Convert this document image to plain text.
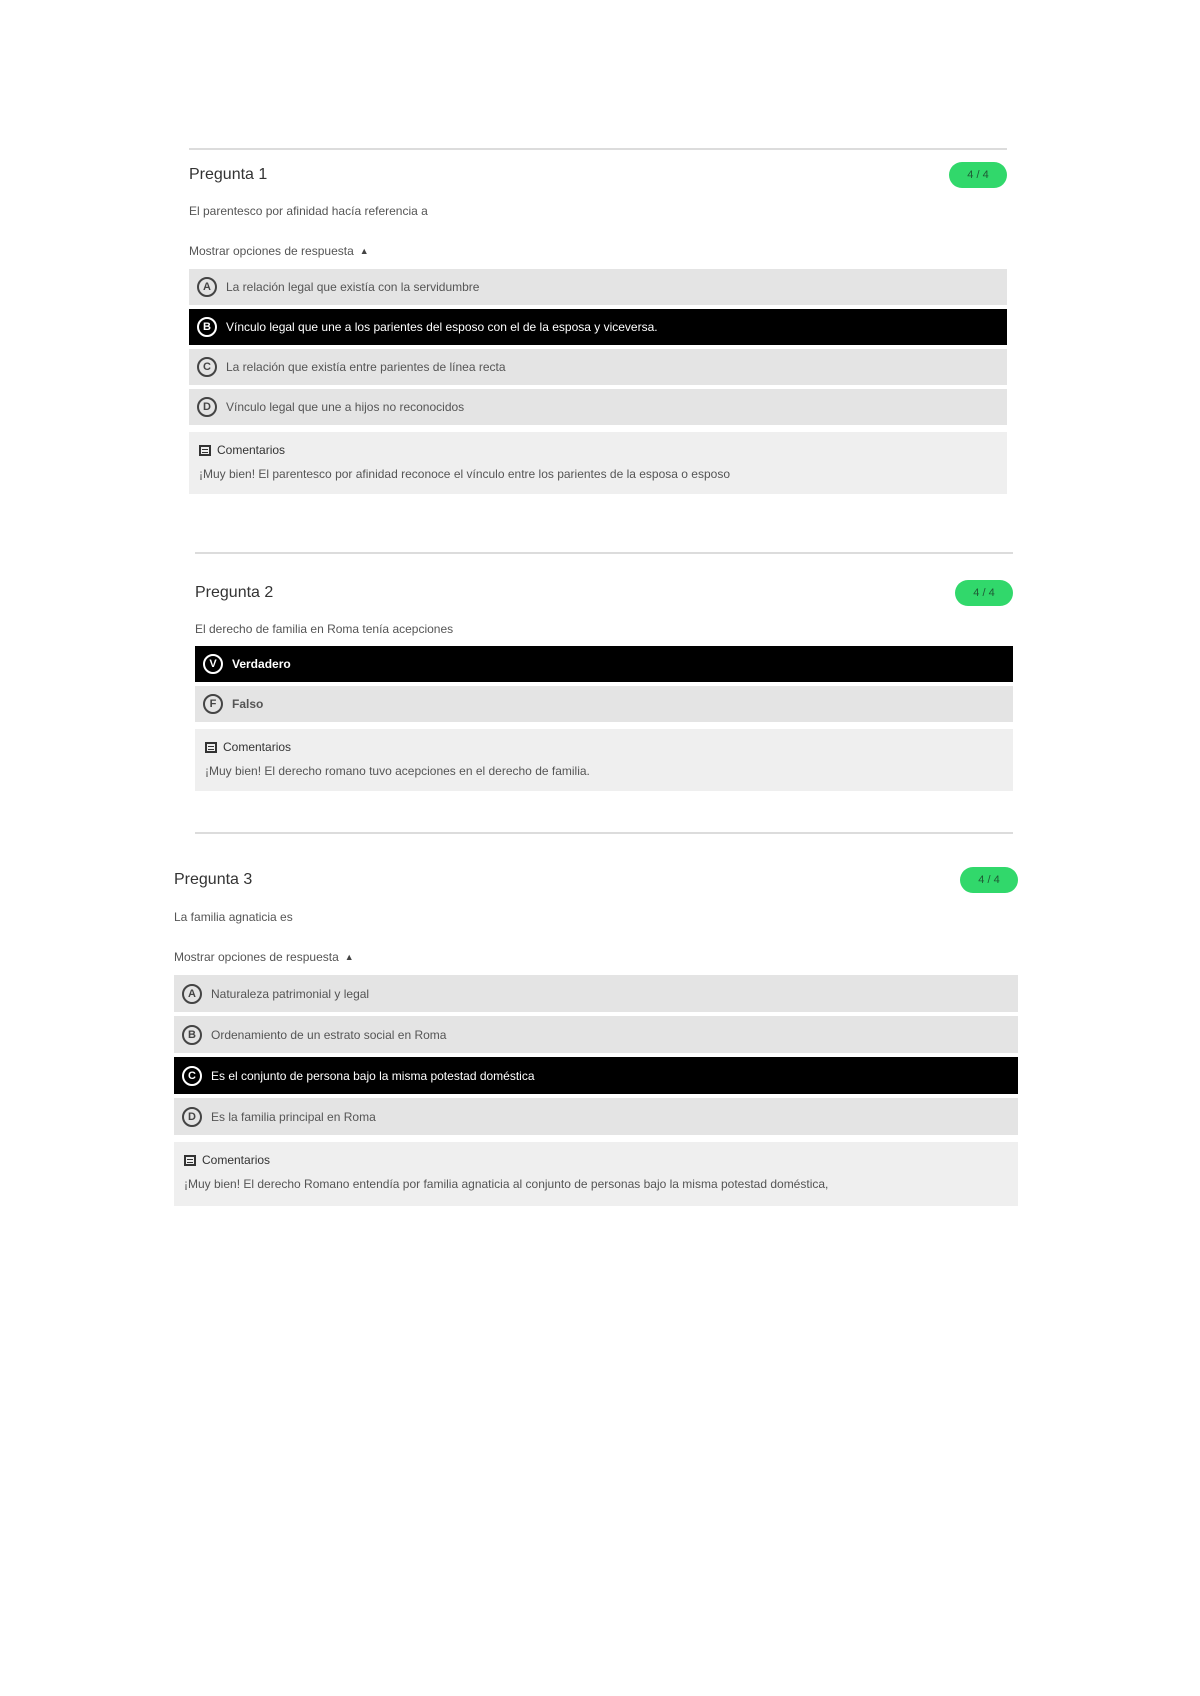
Pregunta 1	4 / 4
El parentesco por afinidad hacía referencia a
Mostrar opciones de respuesta ▲
A	La relación legal que existía con la servidumbre
B	Vínculo legal que une a los parientes del esposo con el de la esposa y viceversa.
C	La relación que existía entre parientes de línea recta
D	Vínculo legal que une a hijos no reconocidos
Comentarios
¡Muy bien! El parentesco por afinidad reconoce el vínculo entre los parientes de la esposa o esposo
Pregunta 2	4 / 4
El derecho de familia en Roma tenía acepciones
V	Verdadero
F	Falso
Comentarios
¡Muy bien! El derecho romano tuvo acepciones en el derecho de familia.
Pregunta 3	4 / 4
La familia agnaticia es
Mostrar opciones de respuesta ▲
A	Naturaleza patrimonial y legal
B	Ordenamiento de un estrato social en Roma
C	Es el conjunto de persona bajo la misma potestad doméstica
D	Es la familia principal en Roma
Comentarios
¡Muy bien! El derecho Romano entendía por familia agnaticia al conjunto de personas bajo la misma potestad doméstica,
